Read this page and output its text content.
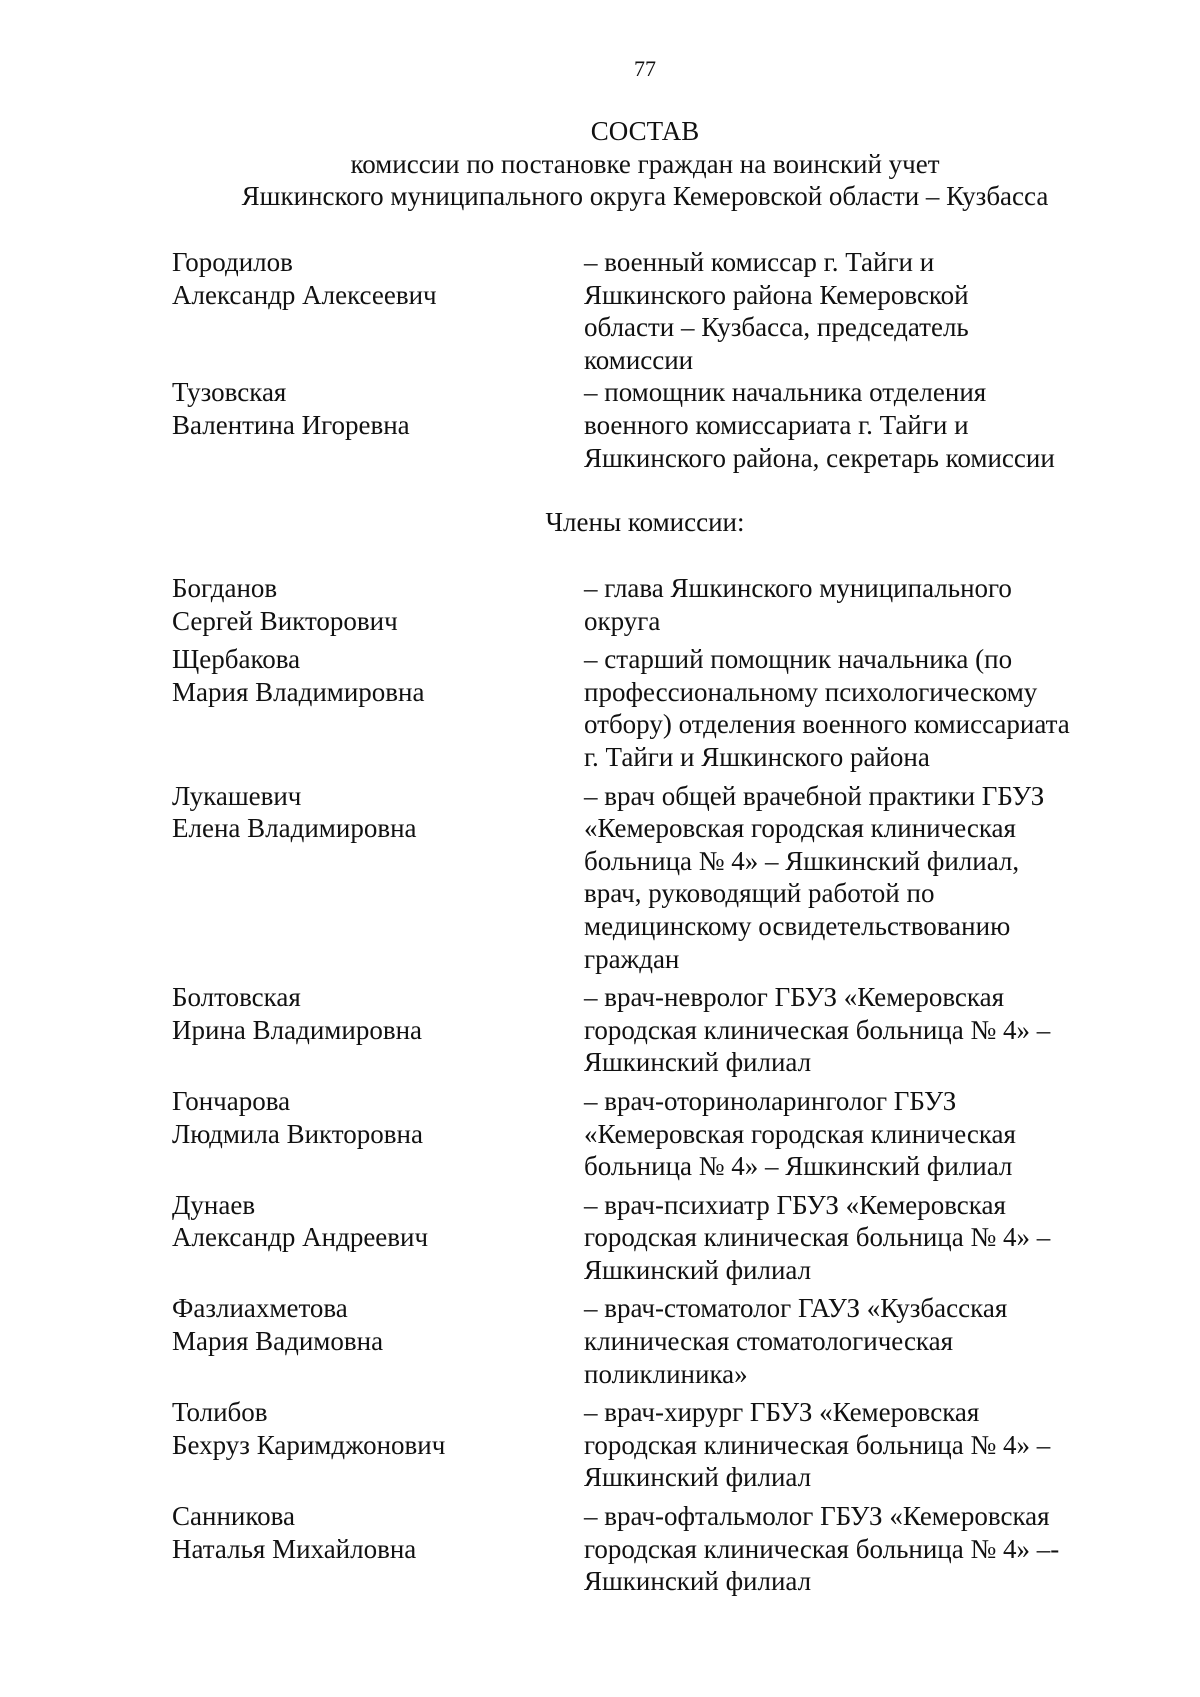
77
СОСТАВ
комиссии по постановке граждан на воинский учет
Яшкинского муниципального округа Кемеровской области – Кузбасса
Городилов
Александр Алексеевич
– военный комиссар г. Тайги и
Яшкинского района Кемеровской
области – Кузбасса, председатель
комиссии
Тузовская
Валентина Игоревна
– помощник начальника отделения
военного комиссариата г. Тайги и
Яшкинского района, секретарь комиссии
Члены комиссии:
Богданов
Сергей Викторович
– глава Яшкинского муниципального
округа
Щербакова
Мария Владимировна
– старший помощник начальника (по
профессиональному психологическому
отбору) отделения военного комиссариата
г. Тайги и Яшкинского района
Лукашевич
Елена Владимировна
– врач общей врачебной практики ГБУЗ
«Кемеровская городская клиническая
больница № 4» – Яшкинский филиал,
врач, руководящий работой по
медицинскому освидетельствованию
граждан
Болтовская
Ирина Владимировна
– врач-невролог ГБУЗ «Кемеровская
городская клиническая больница № 4» –
Яшкинский филиал
Гончарова
Людмила Викторовна
– врач-оториноларинголог ГБУЗ
«Кемеровская городская клиническая
больница № 4» – Яшкинский филиал
Дунаев
Александр Андреевич
– врач-психиатр ГБУЗ «Кемеровская
городская клиническая больница № 4» –
Яшкинский филиал
Фазлиахметова
Мария Вадимовна
– врач-стоматолог ГАУЗ «Кузбасская
клиническая стоматологическая
поликлиника»
Толибов
Бехруз Каримджонович
– врач-хирург ГБУЗ «Кемеровская
городская клиническая больница № 4» –
Яшкинский филиал
Санникова
Наталья Михайловна
– врач-офтальмолог ГБУЗ «Кемеровская
городская клиническая больница № 4» –-
Яшкинский филиал
